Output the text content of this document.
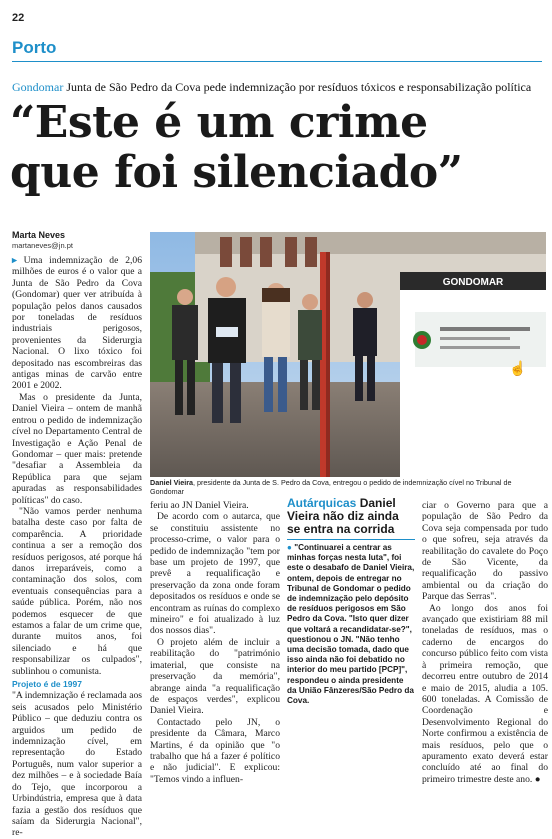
22
Porto
Gondomar Junta de São Pedro da Cova pede indemnização por resíduos tóxicos e responsabilização política
“Este é um crime
que foi silenciado”
Marta Neves
martaneves@jn.pt

▸ Uma indemnização de 2,06 milhões de euros é o valor que a Junta de São Pedro da Cova (Gondomar) quer ver atribuída à população pelos danos causados por toneladas de resíduos industriais perigosos, provenientes da Siderurgia Nacional. O lixo tóxico foi depositado nas escombreiras das antigas minas de carvão entre 2001 e 2002.

Mas o presidente da Junta, Daniel Vieira – ontem de manhã entrou o pedido de indemnização cível no Departamento Central de Investigação e Ação Penal de Gondomar – quer mais: pretende "desafiar a Assembleia da República para que sejam apuradas as responsabilidades políticas" do caso.

"Não vamos perder nenhuma batalha deste caso por falta de comparência. A prioridade continua a ser a remoção dos resíduos perigosos, até porque há danos irreparáveis, como a contaminação dos solos, com eventuais consequências para a saúde pública. Porém, não nos podemos esquecer de que estamos a falar de um crime que, durante muitos anos, foi silenciado e há que responsabilizar os culpados", sublinhou o comunista.

Projeto é de 1997

"A indemnização é reclamada aos seis acusados pelo Ministério Público – que deduziu contra os arguidos um pedido de indemnização cível, em representação do Estado Português, num valor superior a dez milhões – e à sociedade Baía do Tejo, que incorporou a Urbindústria, empresa que à data fazia a gestão dos resíduos que saíam da Siderurgia Nacional", re-

GONDOMAR
Daniel Vieira, presidente da Junta de S. Pedro da Cova, entregou o pedido de indemnização cível no Tribunal de Gondomar

feriu ao JN Daniel Vieira.

De acordo com o autarca, que se constituiu assistente no processo-crime, o valor para o pedido de indemnização "tem por base um projeto de 1997, que prevê a requalificação e preservação da zona onde foram depositados os resíduos e onde se encontram as ruínas do complexo mineiro" e foi atualizado à luz dos nossos dias".

O projeto além de incluir a reabilitação do "património imaterial, que consiste na preservação da memória", abrange ainda "a requalificação de espaços verdes", explicou Daniel Vieira.

Contactado pelo JN, o presidente da Câmara, Marco Martins, é da opinião que "o trabalho que há a fazer é político e não judicial". E explicou: "Temos vindo a influen-

Autárquicas Daniel Vieira não diz ainda se entra na corrida
● "Continuarei a centrar as minhas forças nesta luta", foi este o desabafo de Daniel Vieira, ontem, depois de entregar no Tribunal de Gondomar o pedido de indemnização pelo depósito de resíduos perigosos em São Pedro da Cova. "Isto quer dizer que voltará a recandidatar-se?", questionou o JN. "Não tenho uma decisão tomada, dado que isso ainda não foi debatido no interior do meu partido [PCP]", respondeu o ainda presidente da União Fânzeres/São Pedro da Cova.

ciar o Governo para que a população de São Pedro da Cova seja compensada por tudo o que sofreu, seja através da reabilitação do cavalete do Poço de São Vicente, da requalificação do passivo ambiental ou da criação do Parque das Serras".

Ao longo dos anos foi avançado que existiriam 88 mil toneladas de resíduos, mas o caderno de encargos do concurso público feito com vista à primeira remoção, que decorreu entre outubro de 2014 e maio de 2015, aludia a 105. 600 toneladas. A Comissão de Coordenação e Desenvolvimento Regional do Norte confirmou a existência de mais resíduos, pelo que o apuramento exato deverá estar concluído até ao final do primeiro trimestre deste ano. ●

☝
